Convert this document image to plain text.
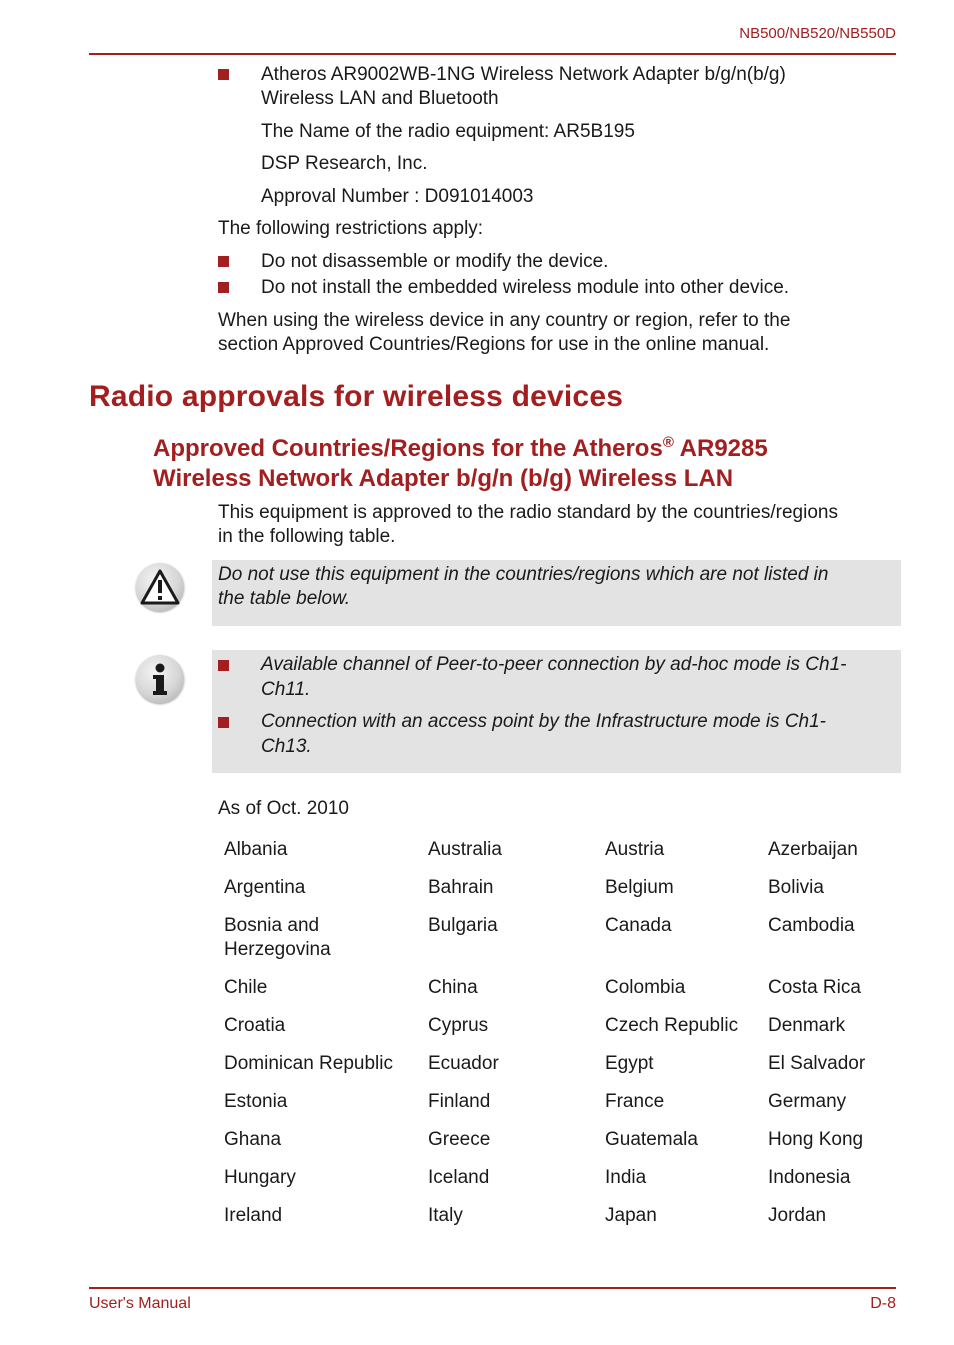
NB500/NB520/NB550D
Atheros AR9002WB-1NG Wireless Network Adapter b/g/n(b/g)
Wireless LAN and Bluetooth
The Name of the radio equipment: AR5B195
DSP Research, Inc.
Approval Number : D091014003
The following restrictions apply:
Do not disassemble or modify the device.
Do not install the embedded wireless module into other device.
When using the wireless device in any country or region, refer to the
section Approved Countries/Regions for use in the online manual.
Radio approvals for wireless devices
Approved Countries/Regions for the Atheros® AR9285
Wireless Network Adapter b/g/n (b/g) Wireless LAN
This equipment is approved to the radio standard by the countries/regions
in the following table.
Do not use this equipment in the countries/regions which are not listed in
the table below.
Available channel of Peer-to-peer connection by ad-hoc mode is Ch1-
Ch11.
Connection with an access point by the Infrastructure mode is Ch1-
Ch13.
As of Oct. 2010
Albania	Australia	Austria	Azerbaijan
Argentina	Bahrain	Belgium	Bolivia
Bosnia and Herzegovina	Bulgaria	Canada	Cambodia
Chile	China	Colombia	Costa Rica
Croatia	Cyprus	Czech Republic	Denmark
Dominican Republic	Ecuador	Egypt	El Salvador
Estonia	Finland	France	Germany
Ghana	Greece	Guatemala	Hong Kong
Hungary	Iceland	India	Indonesia
Ireland	Italy	Japan	Jordan
User's Manual	D-8
